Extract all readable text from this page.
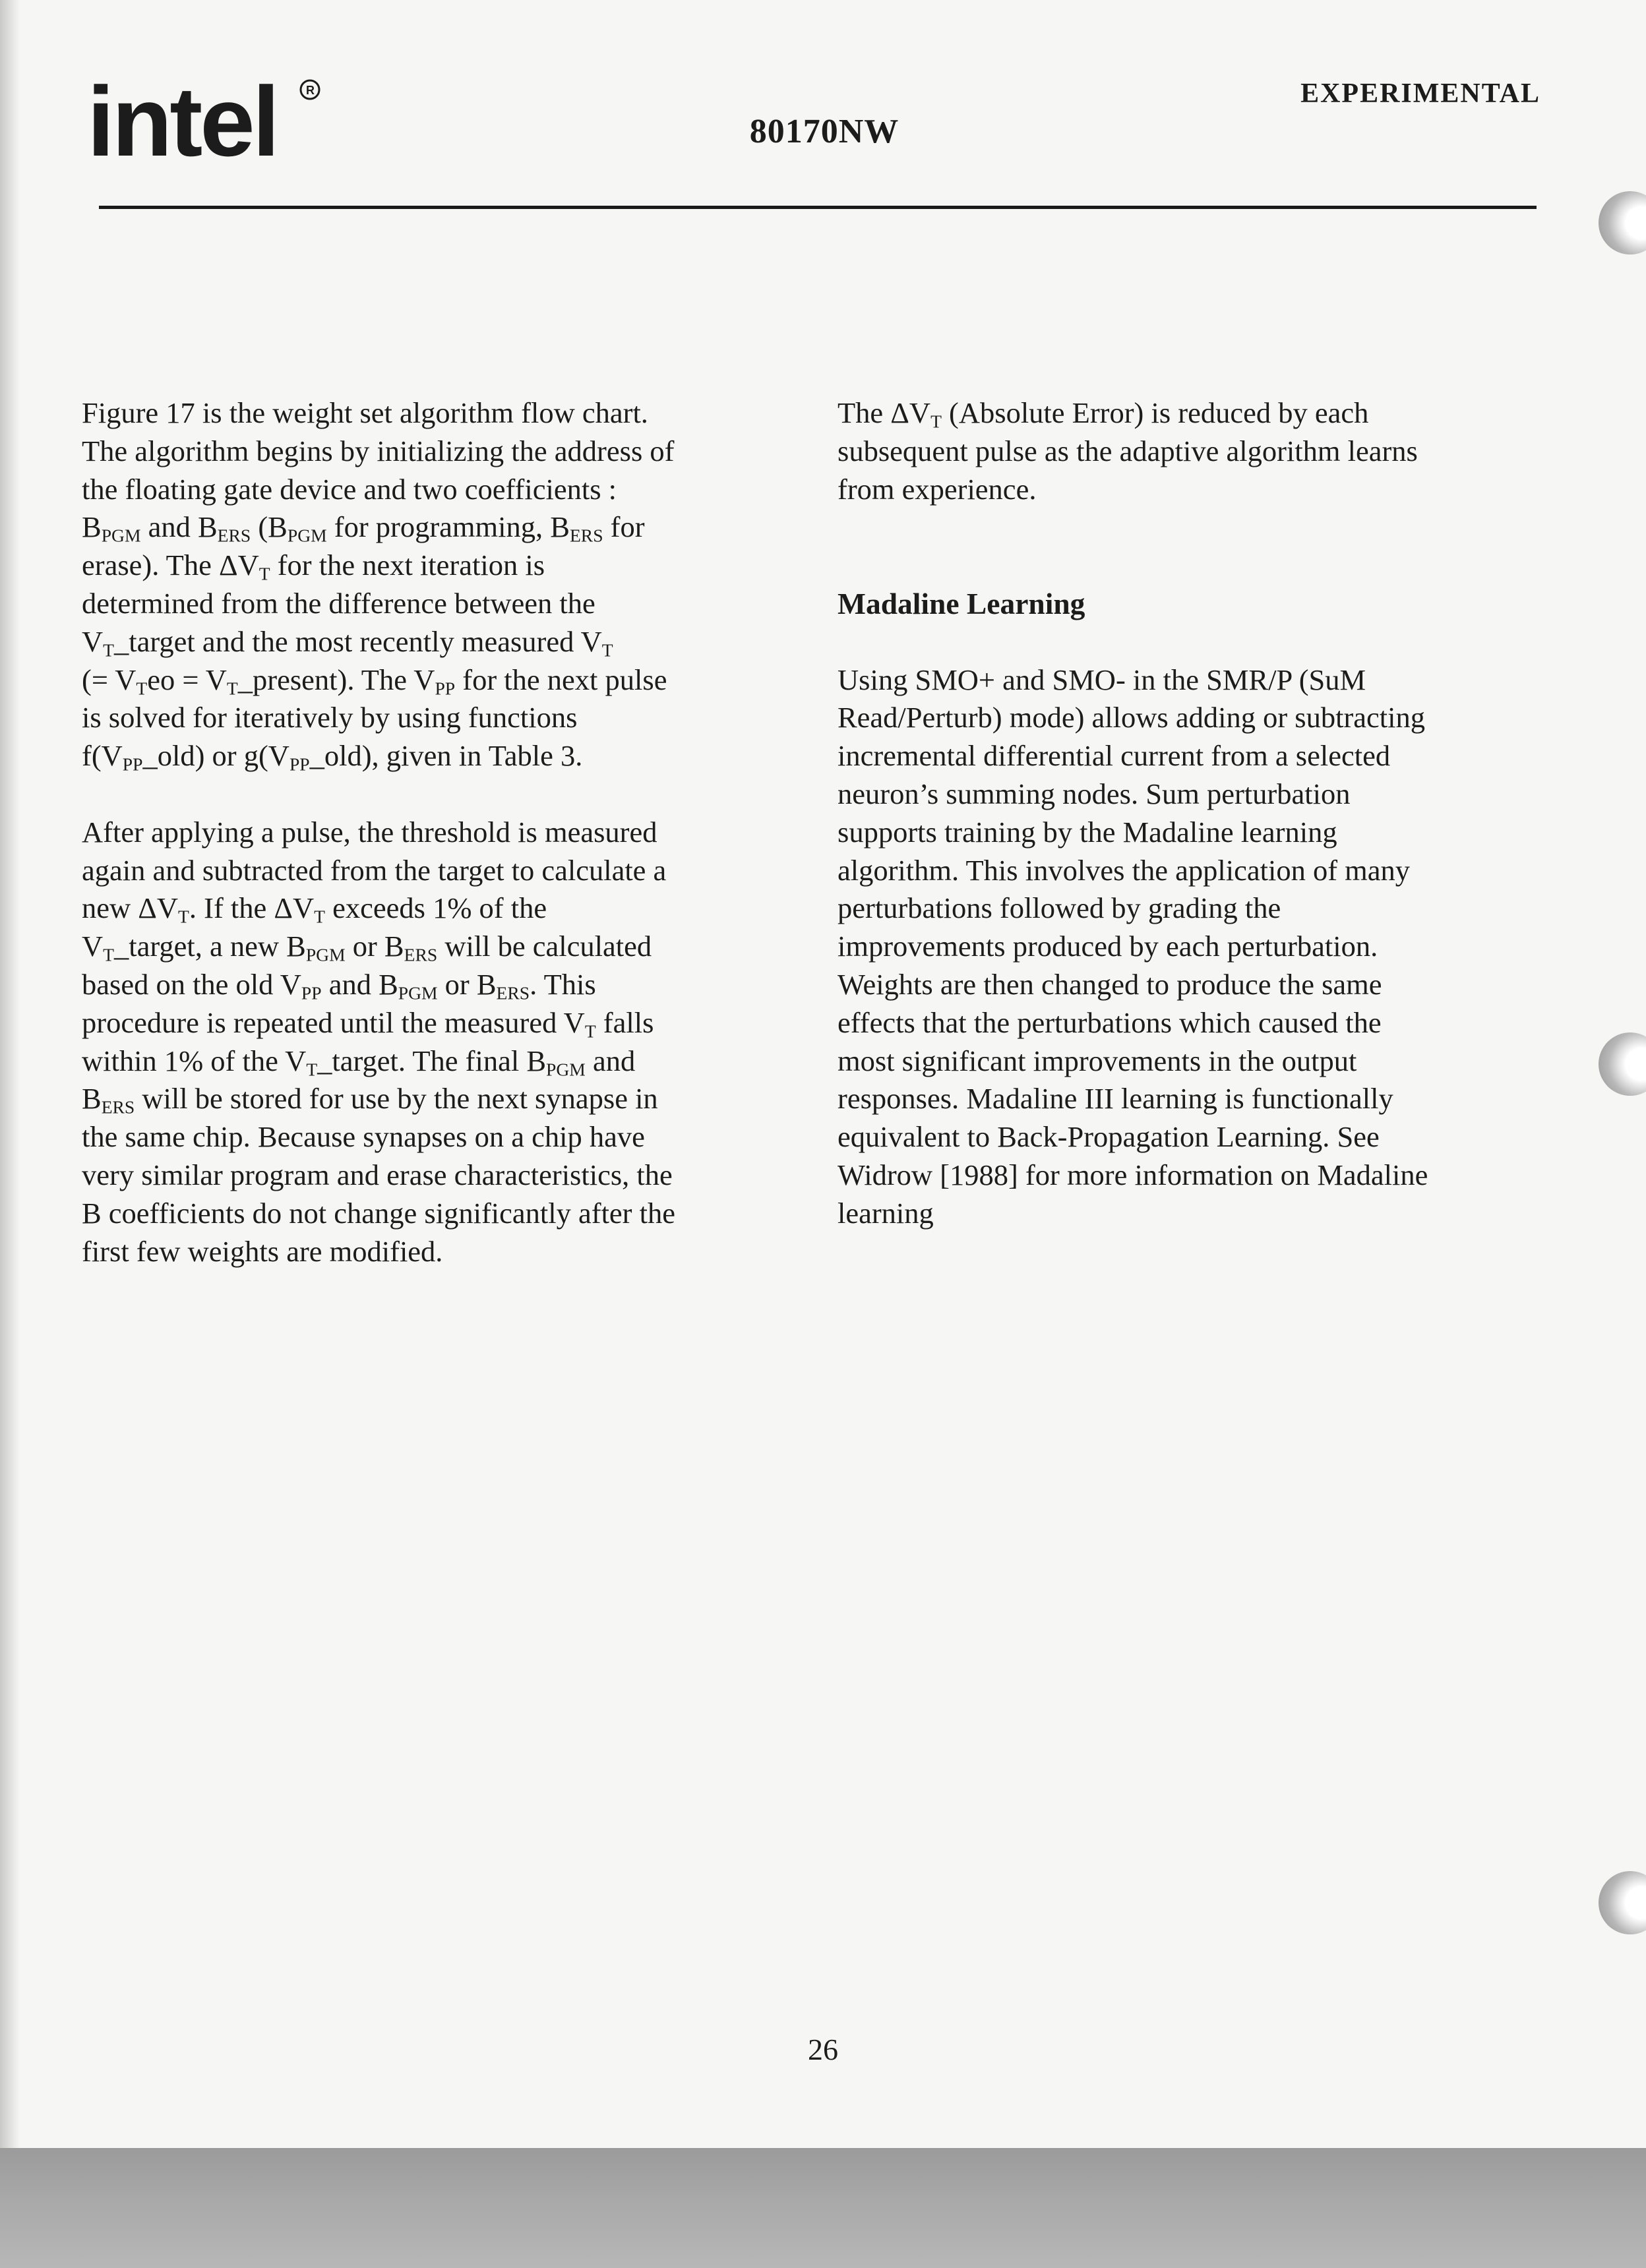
intel R
80170NW
EXPERIMENTAL

Figure 17 is the weight set algorithm flow chart.

The algorithm begins by initializing the address of

the floating gate device and two coefficients :

$B_{PGM}$ and $B_{ERS}$ ($B_{PGM}$ for programming, $B_{ERS}$ for

erase). The $\Delta V_T$ for the next iteration is

determined from the difference between the

$V_T\_target$ and the most recently measured $V_T$

(= $V_Teo$ = $V_T\_present$). The $V_{PP}$ for the next pulse

is solved for iteratively by using functions

$f(V_{PP}\_old)$ or $g(V_{PP}\_old)$, given in Table 3.

After applying a pulse, the threshold is measured

again and subtracted from the target to calculate a

new $\Delta V_T$. If the $\Delta V_T$ exceeds 1% of the

$V_T\_target$, a new $B_{PGM}$ or $B_{ERS}$ will be calculated

based on the old $V_{PP}$ and $B_{PGM}$ or $B_{ERS}$. This

procedure is repeated until the measured $V_T$ falls

within 1% of the $V_T\_target$. The final $B_{PGM}$ and

$B_{ERS}$ will be stored for use by the next synapse in

the same chip. Because synapses on a chip have

very similar program and erase characteristics, the

B coefficients do not change significantly after the

first few weights are modified.

The $\Delta V_T$ (Absolute Error) is reduced by each

subsequent pulse as the adaptive algorithm learns

from experience.

Madaline Learning

Using SMO+ and SMO- in the SMR/P (SuM

Read/Perturb) mode) allows adding or subtracting

incremental differential current from a selected

neuron’s summing nodes. Sum perturbation

supports training by the Madaline learning

algorithm. This involves the application of many

perturbations followed by grading the

improvements produced by each perturbation.

Weights are then changed to produce the same

effects that the perturbations which caused the

most significant improvements in the output

responses. Madaline III learning is functionally

equivalent to Back-Propagation Learning. See

Widrow [1988] for more information on Madaline

learning

26
